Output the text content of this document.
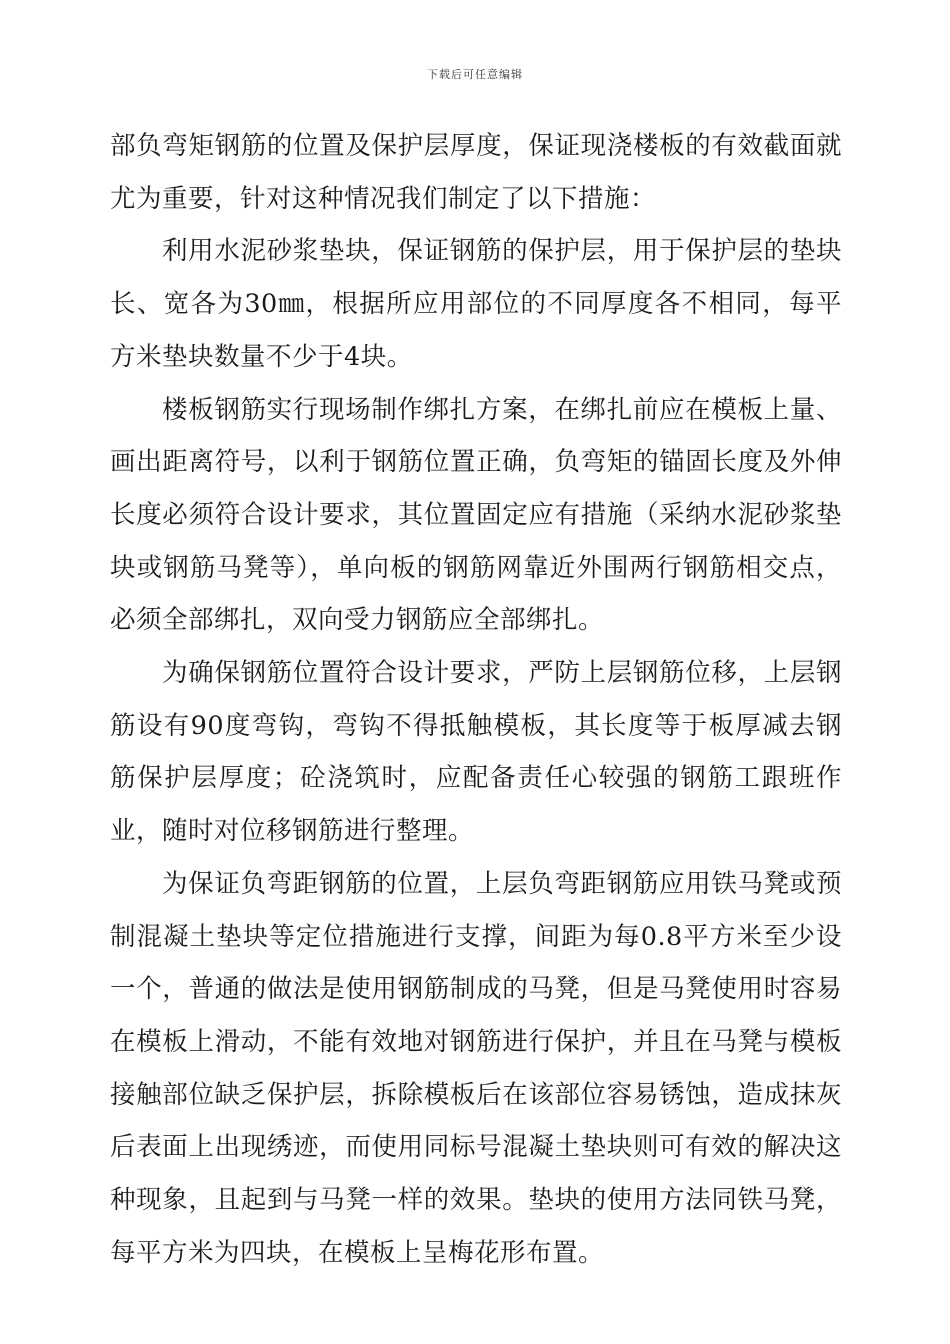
下载后可任意编辑

部负弯矩钢筋的位置及保护层厚度，保证现浇楼板的有效截面就尤为重要，针对这种情况我们制定了以下措施：

利用水泥砂浆垫块，保证钢筋的保护层，用于保护层的垫块长、宽各为30㎜，根据所应用部位的不同厚度各不相同，每平方米垫块数量不少于4块。

楼板钢筋实行现场制作绑扎方案，在绑扎前应在模板上量、画出距离符号，以利于钢筋位置正确，负弯矩的锚固长度及外伸长度必须符合设计要求，其位置固定应有措施（采纳水泥砂浆垫块或钢筋马凳等），单向板的钢筋网靠近外围两行钢筋相交点，必须全部绑扎，双向受力钢筋应全部绑扎。

为确保钢筋位置符合设计要求，严防上层钢筋位移，上层钢筋设有90度弯钩，弯钩不得抵触模板，其长度等于板厚减去钢筋保护层厚度；砼浇筑时，应配备责任心较强的钢筋工跟班作业，随时对位移钢筋进行整理。

为保证负弯距钢筋的位置，上层负弯距钢筋应用铁马凳或预制混凝土垫块等定位措施进行支撑，间距为每0.8平方米至少设一个，普通的做法是使用钢筋制成的马凳，但是马凳使用时容易在模板上滑动，不能有效地对钢筋进行保护，并且在马凳与模板接触部位缺乏保护层，拆除模板后在该部位容易锈蚀，造成抹灰后表面上出现绣迹，而使用同标号混凝土垫块则可有效的解决这种现象，且起到与马凳一样的效果。垫块的使用方法同铁马凳，每平方米为四块，在模板上呈梅花形布置。
